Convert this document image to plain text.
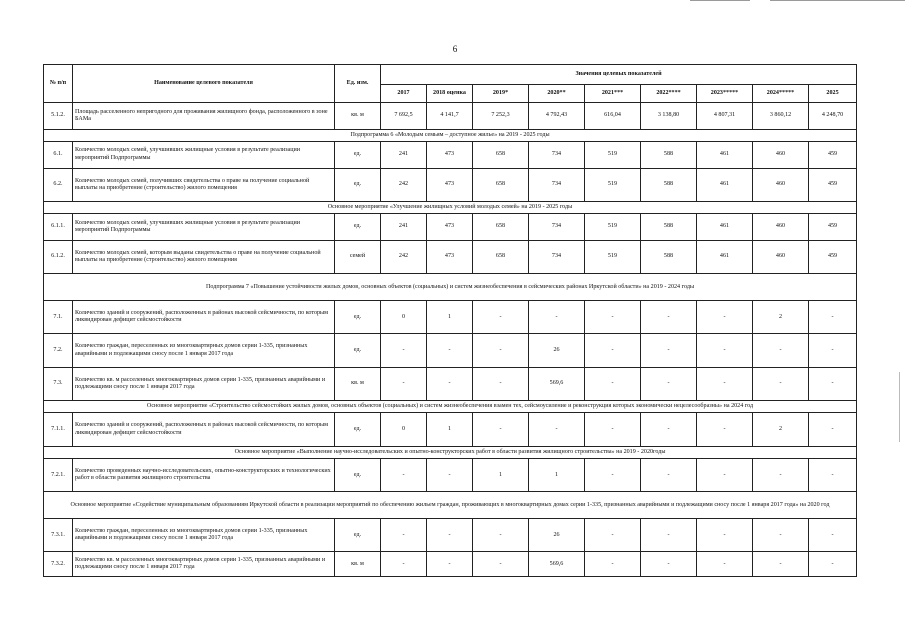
6
№ п/п	Наименование целевого показателя	Ед. изм.	Значения целевых показателей								
			2017	2018 оценка	2019*	2020**	2021***	2022****	2023*****	2024*****	2025
5.1.2.	Площадь расселенного непригодного для проживания жилищного фонда, расположенного в зоне БАМа	кв. м	7 692,5	4 141,7	7 252,3	4 792,43	616,04	3 138,80	4 807,31	3 860,12	4 248,70
Подпрограмма 6 «Молодым семьям – доступное жилье» на 2019 - 2025 годы											
6.1.	Количество молодых семей, улучшивших жилищные условия в результате реализации мероприятий Подпрограммы	ед.	241	473	658	734	519	588	461	460	459
6.2.	Количество молодых семей, получивших свидетельства о праве на получение социальной выплаты на приобретение (строительство) жилого помещения	ед.	242	473	658	734	519	588	461	460	459
Основное мероприятие «Улучшение жилищных условий молодых семей» на 2019 - 2025 годы											
6.1.1.	Количество молодых семей, улучшивших жилищные условия в результате реализации мероприятий Подпрограммы	ед.	241	473	658	734	519	588	461	460	459
6.1.2.	Количество молодых семей, которым выданы свидетельства о праве на получение социальной выплаты на приобретение (строительство) жилого помещения	семей	242	473	658	734	519	588	461	460	459
Подпрограмма 7 «Повышение устойчивости жилых домов, основных объектов (социальных) и систем жизнеобеспечения в сейсмических районах Иркутской области» на 2019 - 2024 годы											
7.1.	Количество зданий и сооружений, расположенных в районах высокой сейсмичности, по которым ликвидирован дефицит сейсмостойкости	ед.	0	1	-	-	-	-	-	2	-
7.2.	Количество граждан, переселенных из многоквартирных домов серии 1-335, признанных аварийными и подлежащими сносу после 1 января 2017 года	ед.	-	-	-	26	-	-	-	-	-
7.3.	Количество кв. м расселенных многоквартирных домов серии 1-335, признанных аварийными и подлежащими сносу после 1 января 2017 года	кв. м	-	-	-	569,6	-	-	-	-	-
Основное мероприятие «Строительство сейсмостойких жилых домов, основных объектов (социальных) и систем жизнеобеспечения взамен тех, сейсмоусиление и реконструкция которых экономически нецелесообразны» на 2024 год											
7.1.1.	Количество зданий и сооружений, расположенных в районах высокой сейсмичности, по которым ликвидирован дефицит сейсмостойкости	ед.	0	1	-	-	-	-	-	2	-
Основное мероприятие «Выполнение научно-исследовательских и опытно-конструкторских работ в области развития жилищного строительства» на 2019 - 2020годы											
7.2.1.	Количество проведенных научно-исследовательских, опытно-конструкторских и технологических работ в области развития жилищного строительства	ед.	-	-	1	1	-	-	-	-	-
Основное мероприятие «Содействие муниципальным образованиям Иркутской области в реализации мероприятий по обеспечению жильем граждан, проживающих в многоквартирных домах серии 1-335, признанных аварийными и подлежащими сносу после 1 января 2017 года» на 2020 год											
7.3.1.	Количество граждан, переселенных из многоквартирных домов серии 1-335, признанных аварийными и подлежащими сносу после 1 января 2017 года	ед.	-	-	-	26	-	-	-	-	-
7.3.2.	Количество кв. м расселенных многоквартирных домов серии 1-335, признанных аварийными и подлежащими сносу после 1 января 2017 года	кв. м	-	-	-	569,6	-	-	-	-	-
